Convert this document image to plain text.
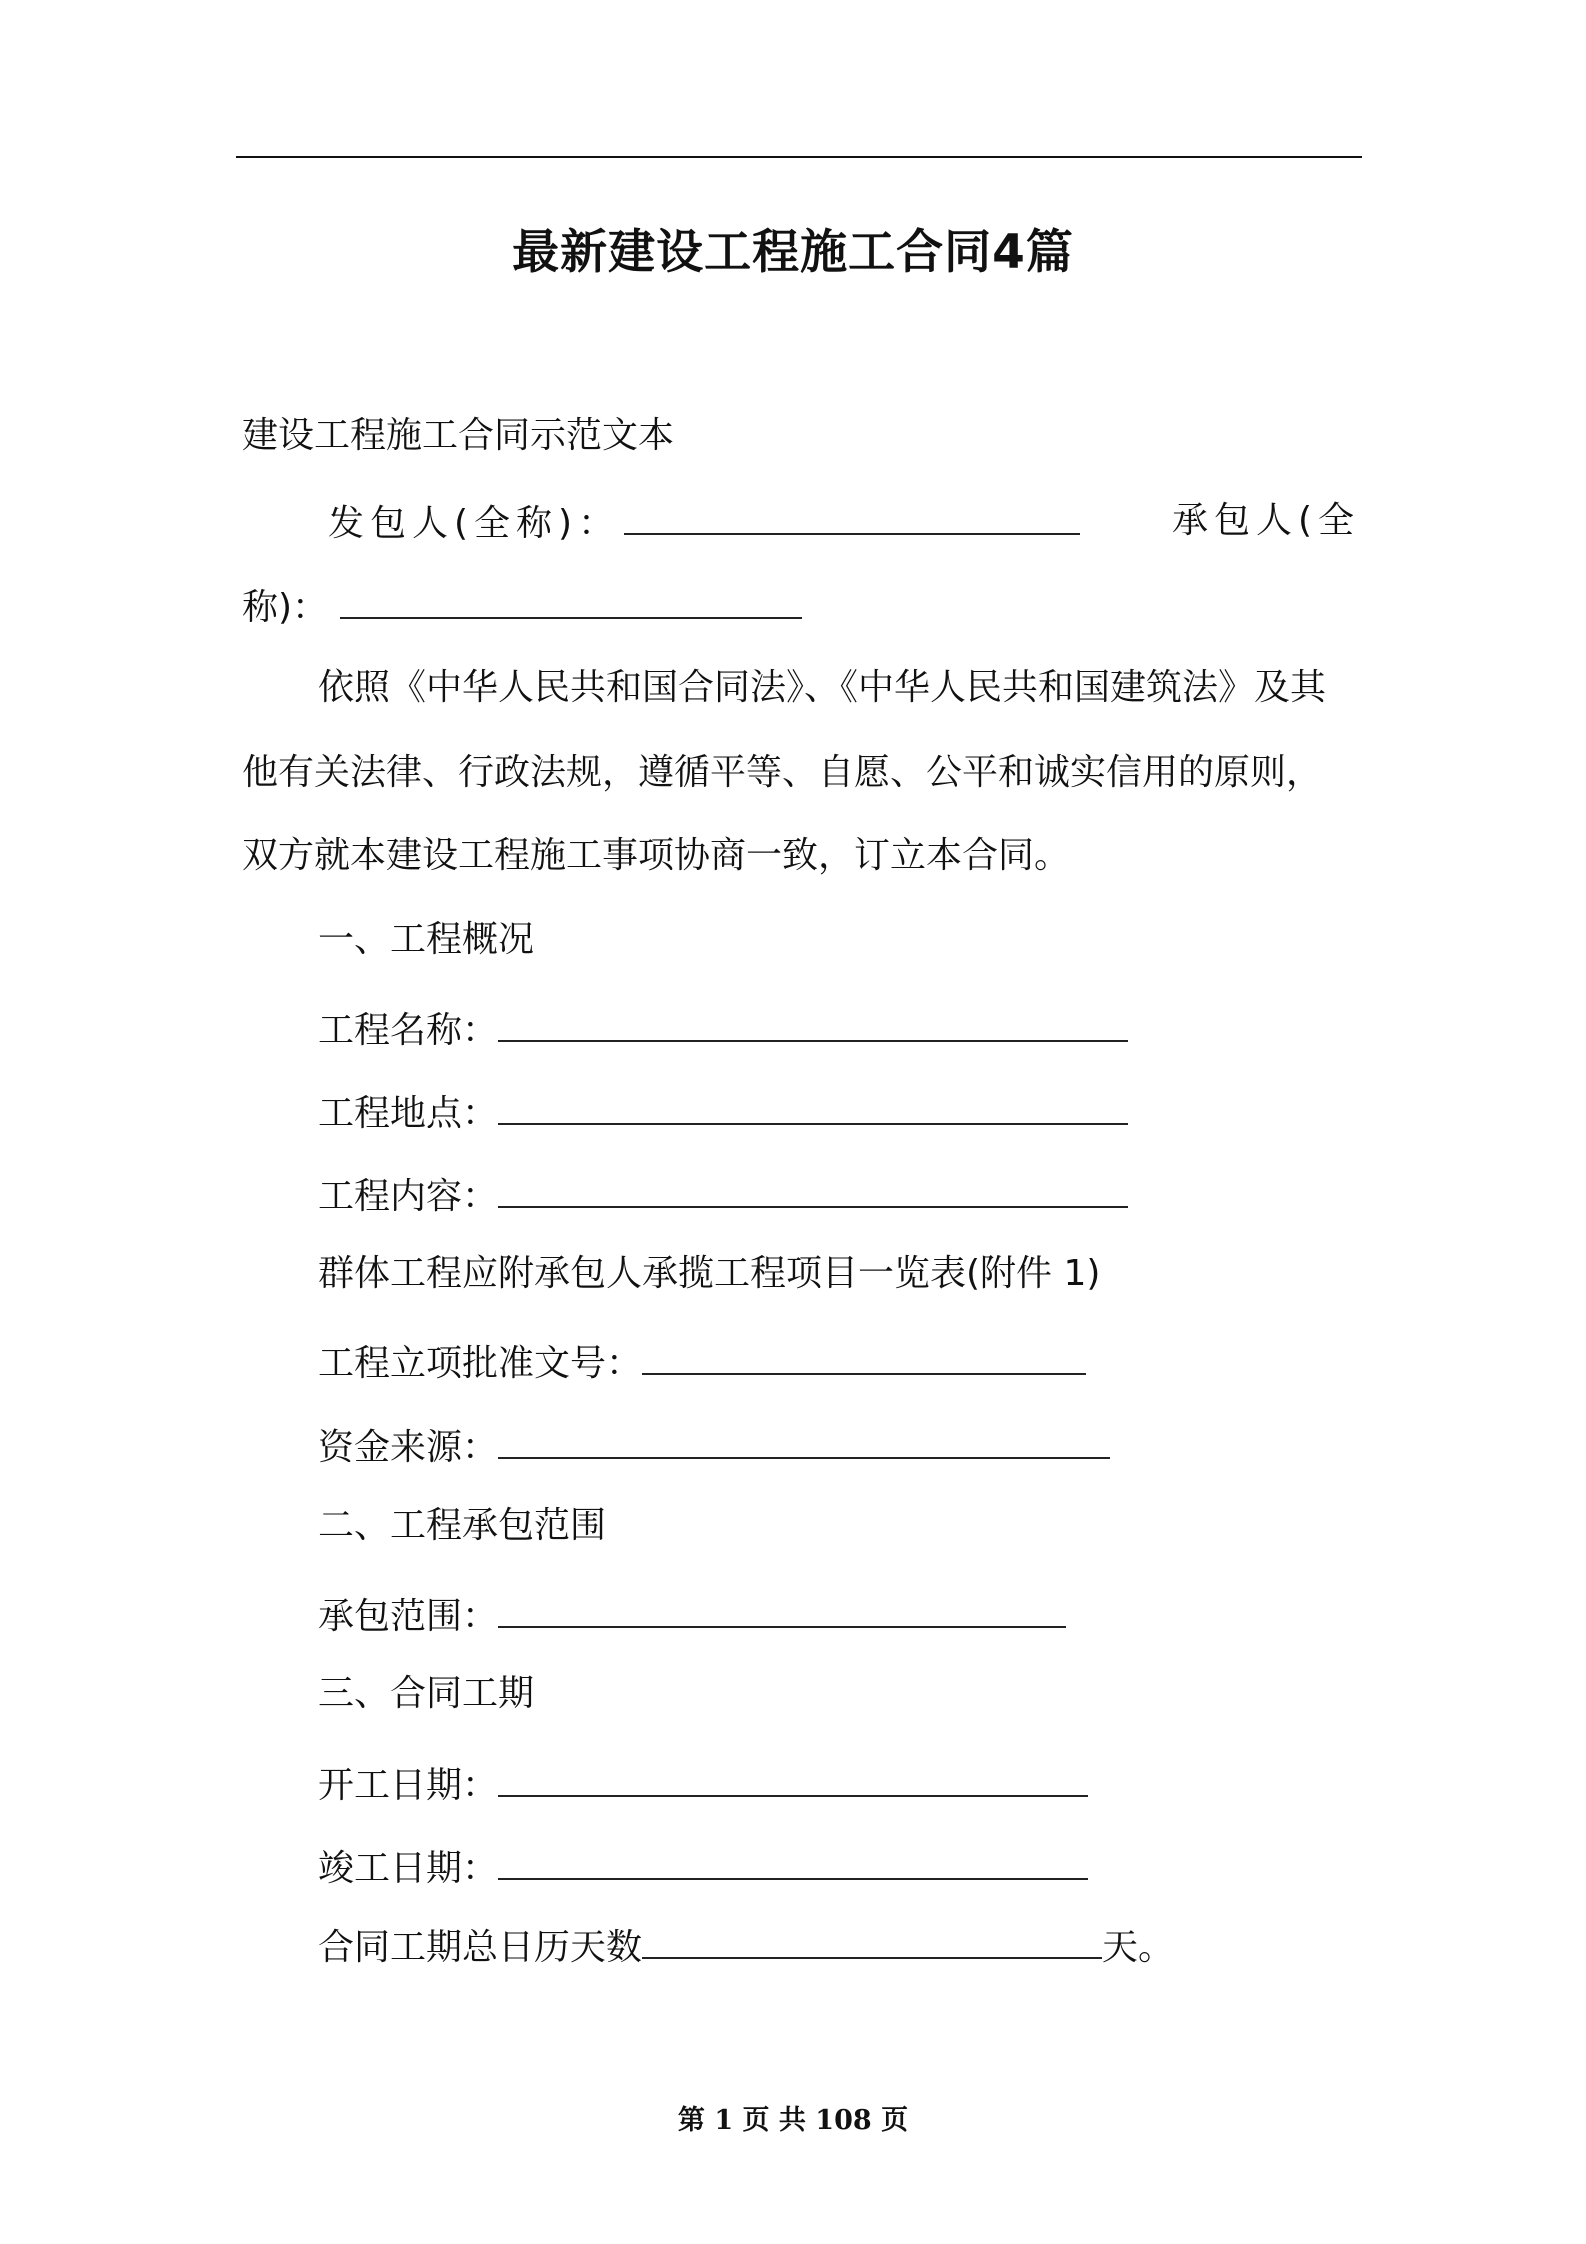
最新建设工程施工合同4篇
建设工程施工合同示范文本
发包人(全称)：	承包人(全
称)：
依照《中华人民共和国合同法》、《中华人民共和国建筑法》及其
他有关法律、行政法规，遵循平等、自愿、公平和诚实信用的原则，
双方就本建设工程施工事项协商一致，订立本合同。
一、工程概况
工程名称：
工程地点：
工程内容：
群体工程应附承包人承揽工程项目一览表(附件 1)
工程立项批准文号：
资金来源：
二、工程承包范围
承包范围：
三、合同工期
开工日期：
竣工日期：
合同工期总日历天数	天。
第 1 页 共 108 页
